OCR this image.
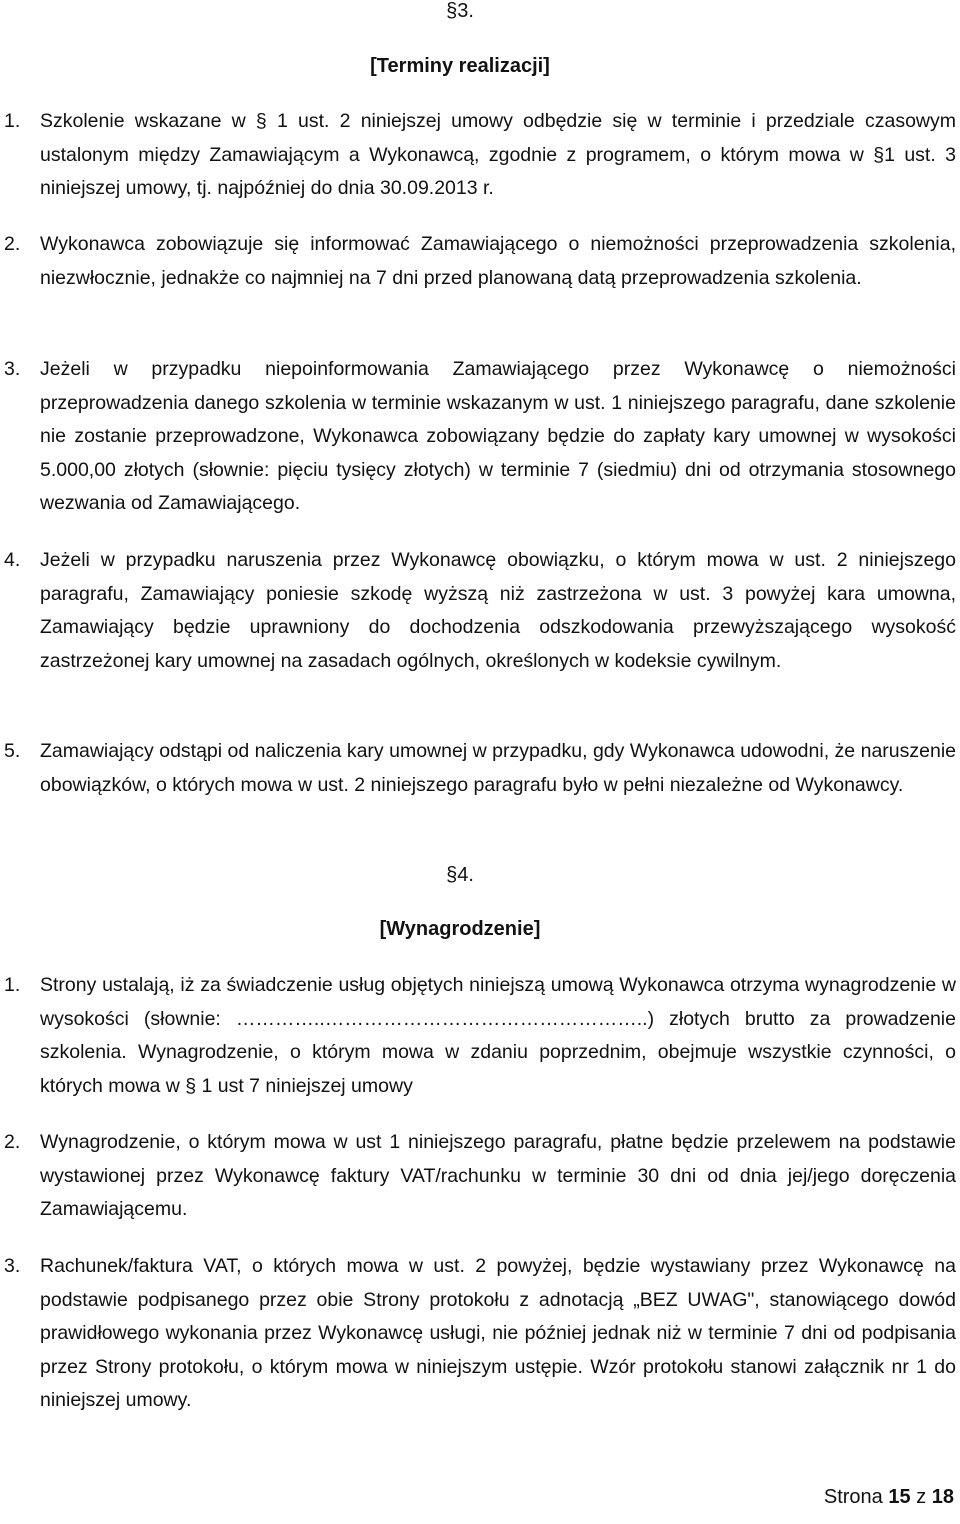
§3.
[Terminy realizacji]
1. Szkolenie wskazane w § 1 ust. 2 niniejszej umowy odbędzie się w terminie i przedziale czasowym ustalonym między Zamawiającym a Wykonawcą, zgodnie z programem, o którym mowa w §1 ust. 3 niniejszej umowy, tj. najpóźniej do dnia 30.09.2013 r.
2. Wykonawca zobowiązuje się informować Zamawiającego o niemożności przeprowadzenia szkolenia, niezwłocznie, jednakże co najmniej na 7 dni przed planowaną datą przeprowadzenia szkolenia.
3. Jeżeli w przypadku niepoinformowania Zamawiającego przez Wykonawcę o niemożności przeprowadzenia danego szkolenia w terminie wskazanym w ust. 1 niniejszego paragrafu, dane szkolenie nie zostanie przeprowadzone, Wykonawca zobowiązany będzie do zapłaty kary umownej w wysokości 5.000,00 złotych (słownie: pięciu tysięcy złotych) w terminie 7 (siedmiu) dni od otrzymania stosownego wezwania od Zamawiającego.
4. Jeżeli w przypadku naruszenia przez Wykonawcę obowiązku, o którym mowa w ust. 2 niniejszego paragrafu, Zamawiający poniesie szkodę wyższą niż zastrzeżona w ust. 3 powyżej kara umowna, Zamawiający będzie uprawniony do dochodzenia odszkodowania przewyższającego wysokość zastrzeżonej kary umownej na zasadach ogólnych, określonych w kodeksie cywilnym.
5. Zamawiający odstąpi od naliczenia kary umownej w przypadku, gdy Wykonawca udowodni, że naruszenie obowiązków, o których mowa w ust. 2 niniejszego paragrafu było w pełni niezależne od Wykonawcy.
§4.
[Wynagrodzenie]
1. Strony ustalają, iż za świadczenie usług objętych niniejszą umową Wykonawca otrzyma wynagrodzenie w wysokości (słownie: …………..…………………………………………..) złotych brutto za prowadzenie szkolenia. Wynagrodzenie, o którym mowa w zdaniu poprzednim, obejmuje wszystkie czynności, o których mowa w § 1 ust 7 niniejszej umowy
2. Wynagrodzenie, o którym mowa w ust 1 niniejszego paragrafu, płatne będzie przelewem na podstawie wystawionej przez Wykonawcę faktury VAT/rachunku w terminie 30 dni od dnia jej/jego doręczenia Zamawiającemu.
3. Rachunek/faktura VAT, o których mowa w ust. 2 powyżej, będzie wystawiany przez Wykonawcę na podstawie podpisanego przez obie Strony protokołu z adnotacją „BEZ UWAG", stanowiącego dowód prawidłowego wykonania przez Wykonawcę usługi, nie później jednak niż w terminie 7 dni od podpisania przez Strony protokołu, o którym mowa w niniejszym ustępie. Wzór protokołu stanowi załącznik nr 1 do niniejszej umowy.
Strona 15 z 18
